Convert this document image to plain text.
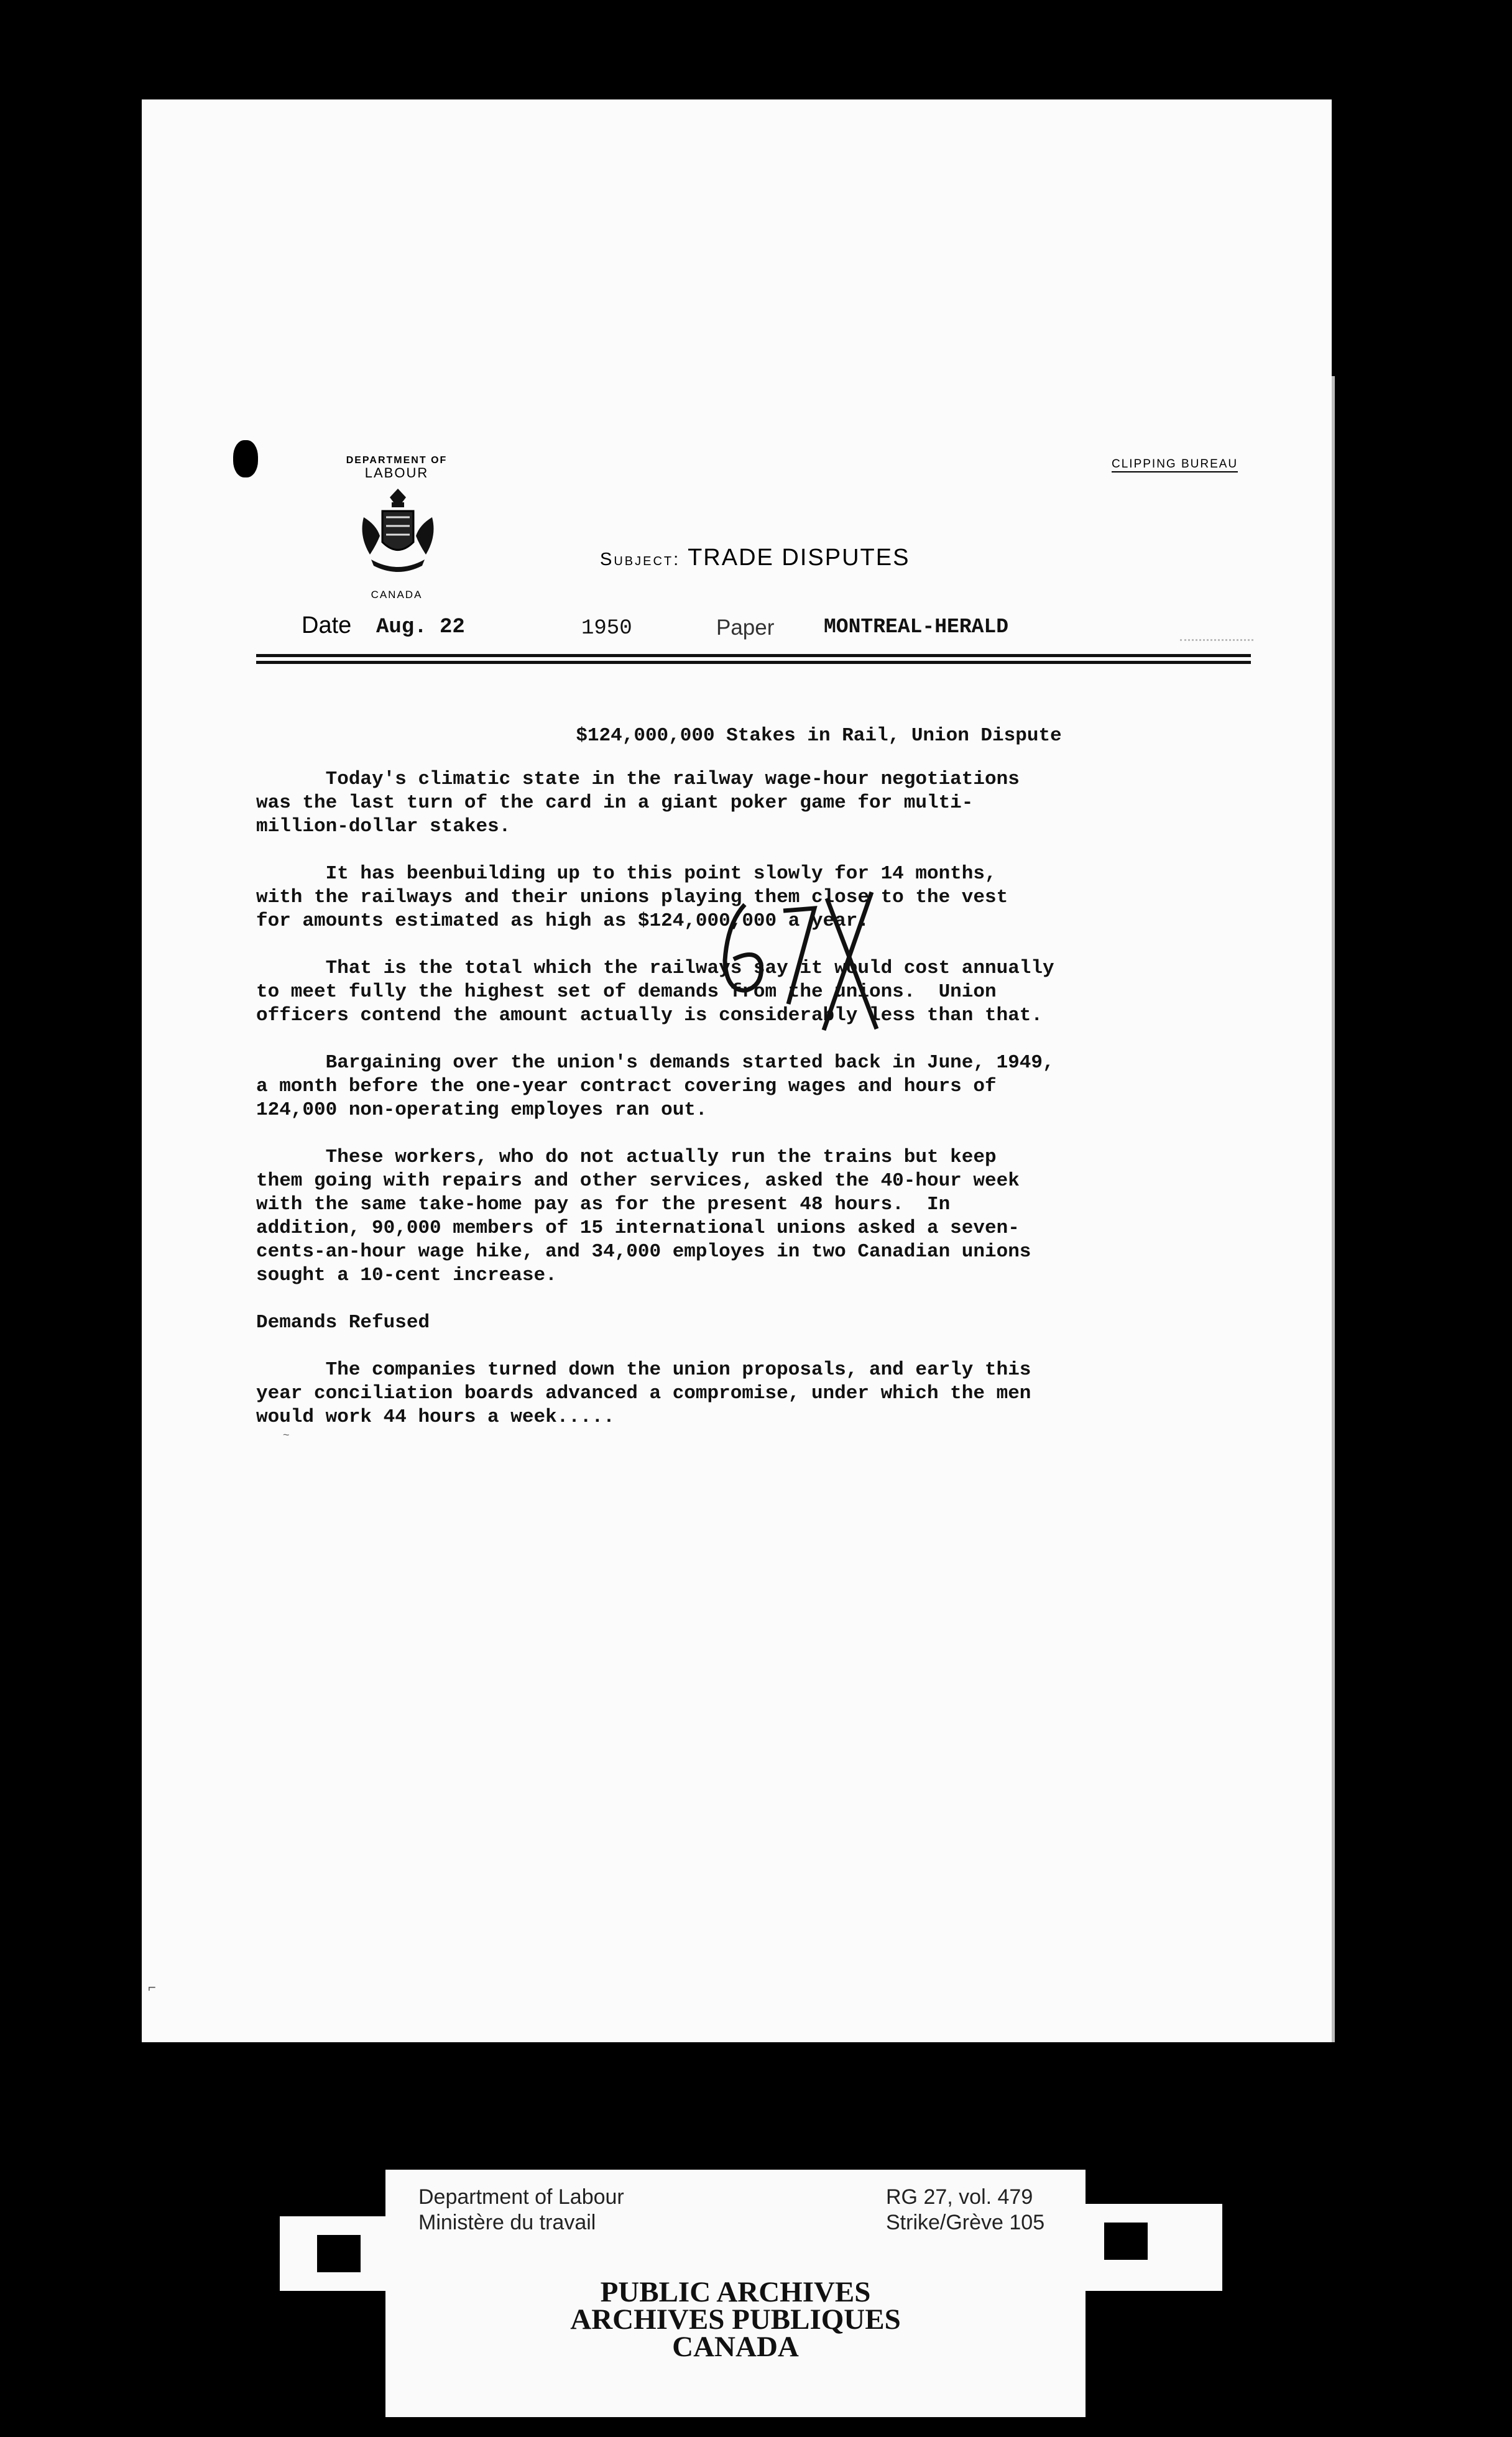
DEPARTMENT OF
LABOUR
CANADA
CLIPPING BUREAU
Subject: TRADE DISPUTES
Date Aug. 22	1950	Paper MONTREAL-HERALD
$124,000,000 Stakes in Rail, Union Dispute

Today's climatic state in the railway wage-hour negotiations
was the last turn of the card in a giant poker game for multi-
million-dollar stakes.

It has beenbuilding up to this point slowly for 14 months,
with the railways and their unions playing them close to the vest
for amounts estimated as high as $124,000,000 a year.

That is the total which the railways say it would cost annually
to meet fully the highest set of demands from the unions.  Union
officers contend the amount actually is considerably less than that.

Bargaining over the union's demands started back in June, 1949,
a month before the one-year contract covering wages and hours of
124,000 non-operating employes ran out.

These workers, who do not actually run the trains but keep
them going with repairs and other services, asked the 40-hour week
with the same take-home pay as for the present 48 hours.  In
addition, 90,000 members of 15 international unions asked a seven-
cents-an-hour wage hike, and 34,000 employes in two Canadian unions
sought a 10-cent increase.

Demands Refused

The companies turned down the union proposals, and early this
year conciliation boards advanced a compromise, under which the men
would work 44 hours a week.....

~
⌐
Department of Labour
Ministère du travail
RG 27, vol. 479
Strike/Grève 105
PUBLIC ARCHIVES
ARCHIVES PUBLIQUES
CANADA
